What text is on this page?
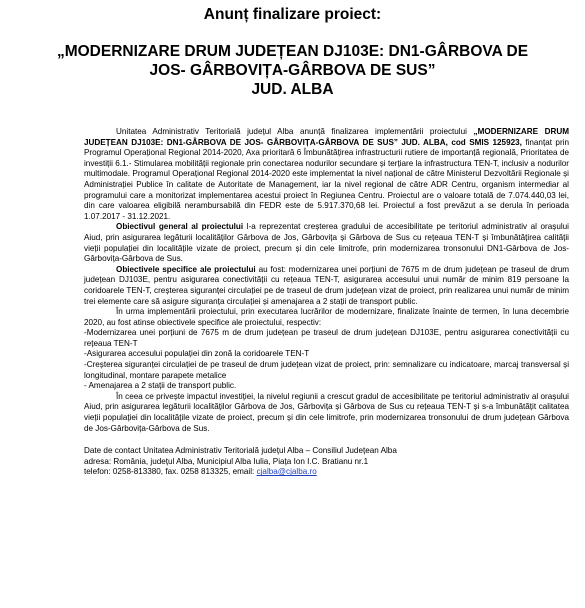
Anunț finalizare proiect:
„MODERNIZARE DRUM JUDEȚEAN DJ103E: DN1-GÂRBOVA DE
JOS- GÂRBOVIȚA-GÂRBOVA DE SUS”
JUD. ALBA

Unitatea Administrativ Teritorială județul Alba anunță finalizarea implementării proiectului „MODERNIZARE DRUM JUDEȚEAN DJ103E: DN1-GÂRBOVA DE JOS- GÂRBOVIȚA-GÂRBOVA DE SUS” JUD. ALBA, cod SMIS 125923, finanțat prin Programul Operațional Regional 2014-2020, Axa prioritară 6 Îmbunătățirea infrastructurii rutiere de importanță regională, Prioritatea de investiții 6.1.- Stimularea mobilității regionale prin conectarea nodurilor secundare și terțiare la infrastructura TEN-T, inclusiv a nodurilor multimodale. Programul Operațional Regional 2014-2020 este implementat la nivel național de către Ministerul Dezvoltării Regionale și Administrației Publice în calitate de Autoritate de Management, iar la nivel regional de către ADR Centru, organism intermediar al programului care a monitorizat implementarea acestui proiect în Regiunea Centru. Proiectul are o valoare totală de 7.074.440,03 lei, din care valoarea eligibilă nerambursabilă din FEDR este de 5.917.370,68 lei. Proiectul a fost prevăzut a se derula în perioada 1.07.2017 - 31.12.2021.

Obiectivul general al proiectului l-a reprezentat creșterea gradului de accesibilitate pe teritoriul administrativ al orașului Aiud, prin asigurarea legăturii localităților Gârbova de Jos, Gârbovița și Gârbova de Sus cu rețeaua TEN-T și îmbunătățirea calității vieții populației din localitățile vizate de proiect, precum și din cele limitrofe, prin modernizarea tronsonului DN1-Gârbova de Jos-Gârbovița-Gârbova de Sus.

Obiectivele specifice ale proiectului au fost: modernizarea unei porțiuni de 7675 m de drum județean pe traseul de drum județean DJ103E, pentru asigurarea conectivității cu rețeaua TEN-T, asigurarea accesului unui număr de minim 819 persoane la coridoarele TEN-T, creșterea siguranței circulației pe de traseul de drum județean vizat de proiect, prin realizarea unui număr de minim trei elemente care să asigure siguranța circulației și amenajarea a 2 stații de transport public.

În urma implementării proiectului, prin executarea lucrărilor de modernizare, finalizate înainte de termen, în luna decembrie 2020, au fost atinse obiectivele specifice ale proiectului, respectiv:

-Modernizarea unei porțiuni de 7675 m de drum județean pe traseul de drum județean DJ103E, pentru asigurarea conectivității cu rețeaua TEN-T

-Asigurarea accesului populației din zonă la coridoarele TEN-T

-Creșterea siguranței circulației de pe traseul de drum județean vizat de proiect, prin: semnalizare cu indicatoare, marcaj transversal și longitudinal, montare parapete metalice

- Amenajarea a 2 stații de transport public.

În ceea ce privește impactul investiției, la nivelul regiunii a crescut gradul de accesibilitate pe teritoriul administrativ al orașului Aiud, prin asigurarea legăturii localităților Gârbova de Jos, Gârbovița și Gârbova de Sus cu rețeaua TEN-T și s-a îmbunătățit calitatea vieții populației din localitățile vizate de proiect, precum și din cele limitrofe, prin modernizarea tronsonului de drum județean Gârbova de Jos-Gârbovița-Gârbova de Sus.

Date de contact Unitatea Administrativ Teritorială județul Alba – Consiliul Județean Alba

adresa: România, județul Alba, Municipiul Alba Iulia, Piața Ion I.C. Bratianu nr.1

telefon: 0258-813380, fax. 0258 813325, email: cjalba@cjalba.ro
